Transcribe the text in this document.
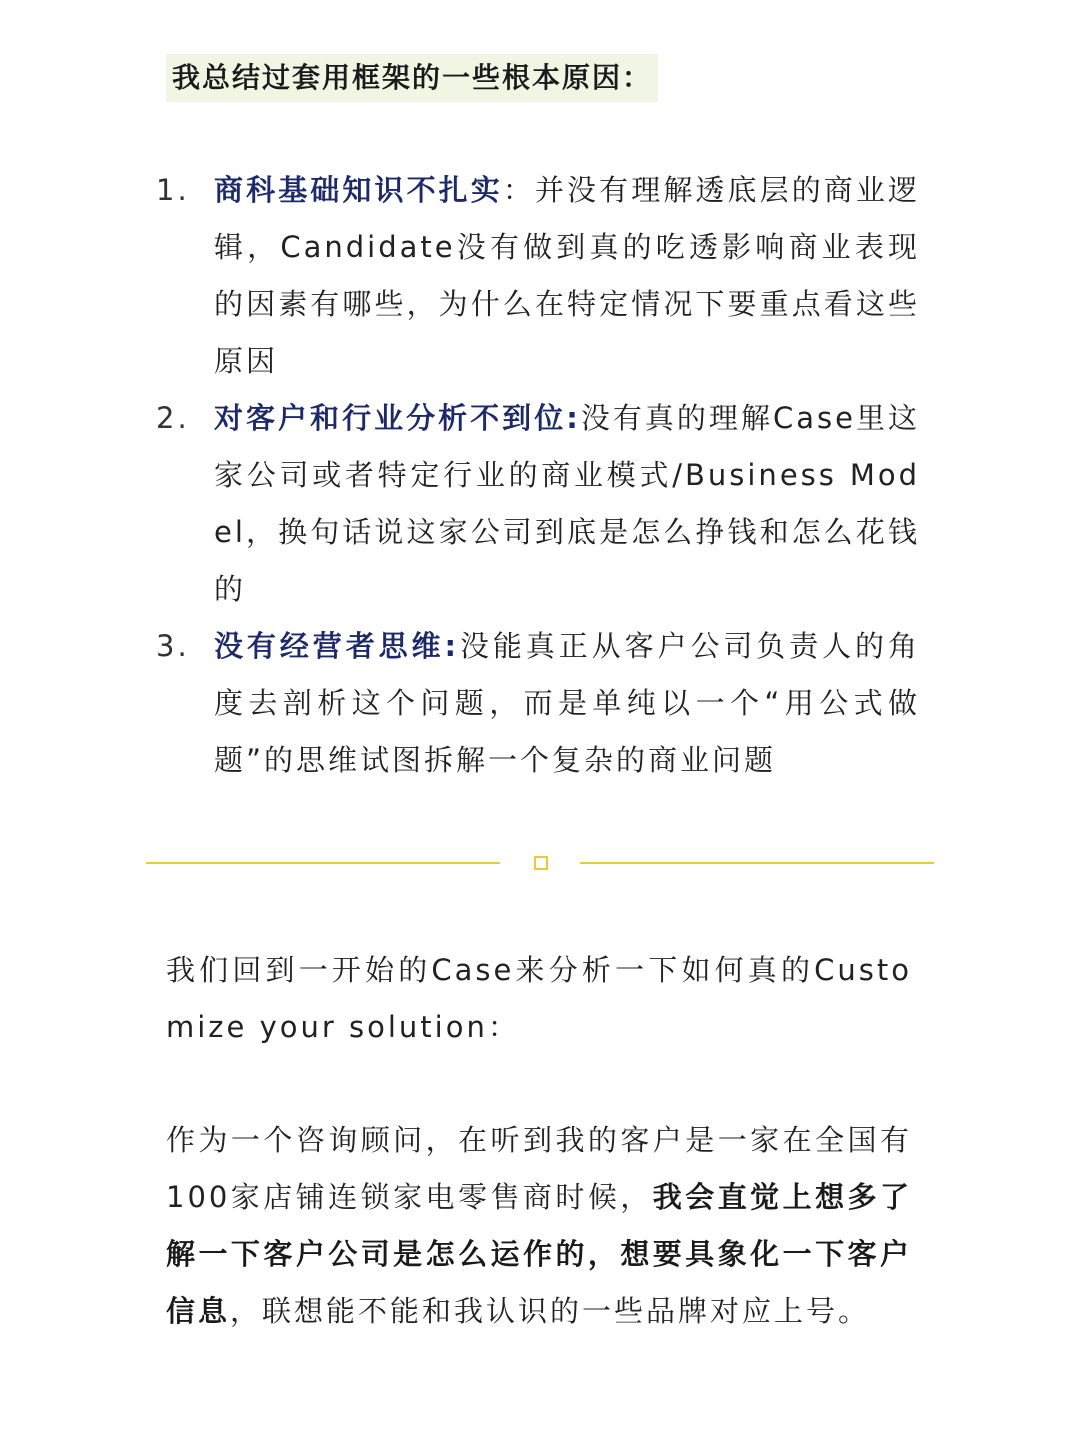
我总结过套用框架的一些根本原因：
1. 商科基础知识不扎实：并没有理解透底层的商业逻辑，Candidate没有做到真的吃透影响商业表现的因素有哪些，为什么在特定情况下要重点看这些原因
2. 对客户和行业分析不到位:没有真的理解Case里这家公司或者特定行业的商业模式/Business Model，换句话说这家公司到底是怎么挣钱和怎么花钱的
3. 没有经营者思维:没能真正从客户公司负责人的角度去剖析这个问题，而是单纯以一个“用公式做题”的思维试图拆解一个复杂的商业问题

我们回到一开始的Case来分析一下如何真的Customize your solution：

作为一个咨询顾问，在听到我的客户是一家在全国有100家店铺连锁家电零售商时候，我会直觉上想多了解一下客户公司是怎么运作的，想要具象化一下客户信息，联想能不能和我认识的一些品牌对应上号。
